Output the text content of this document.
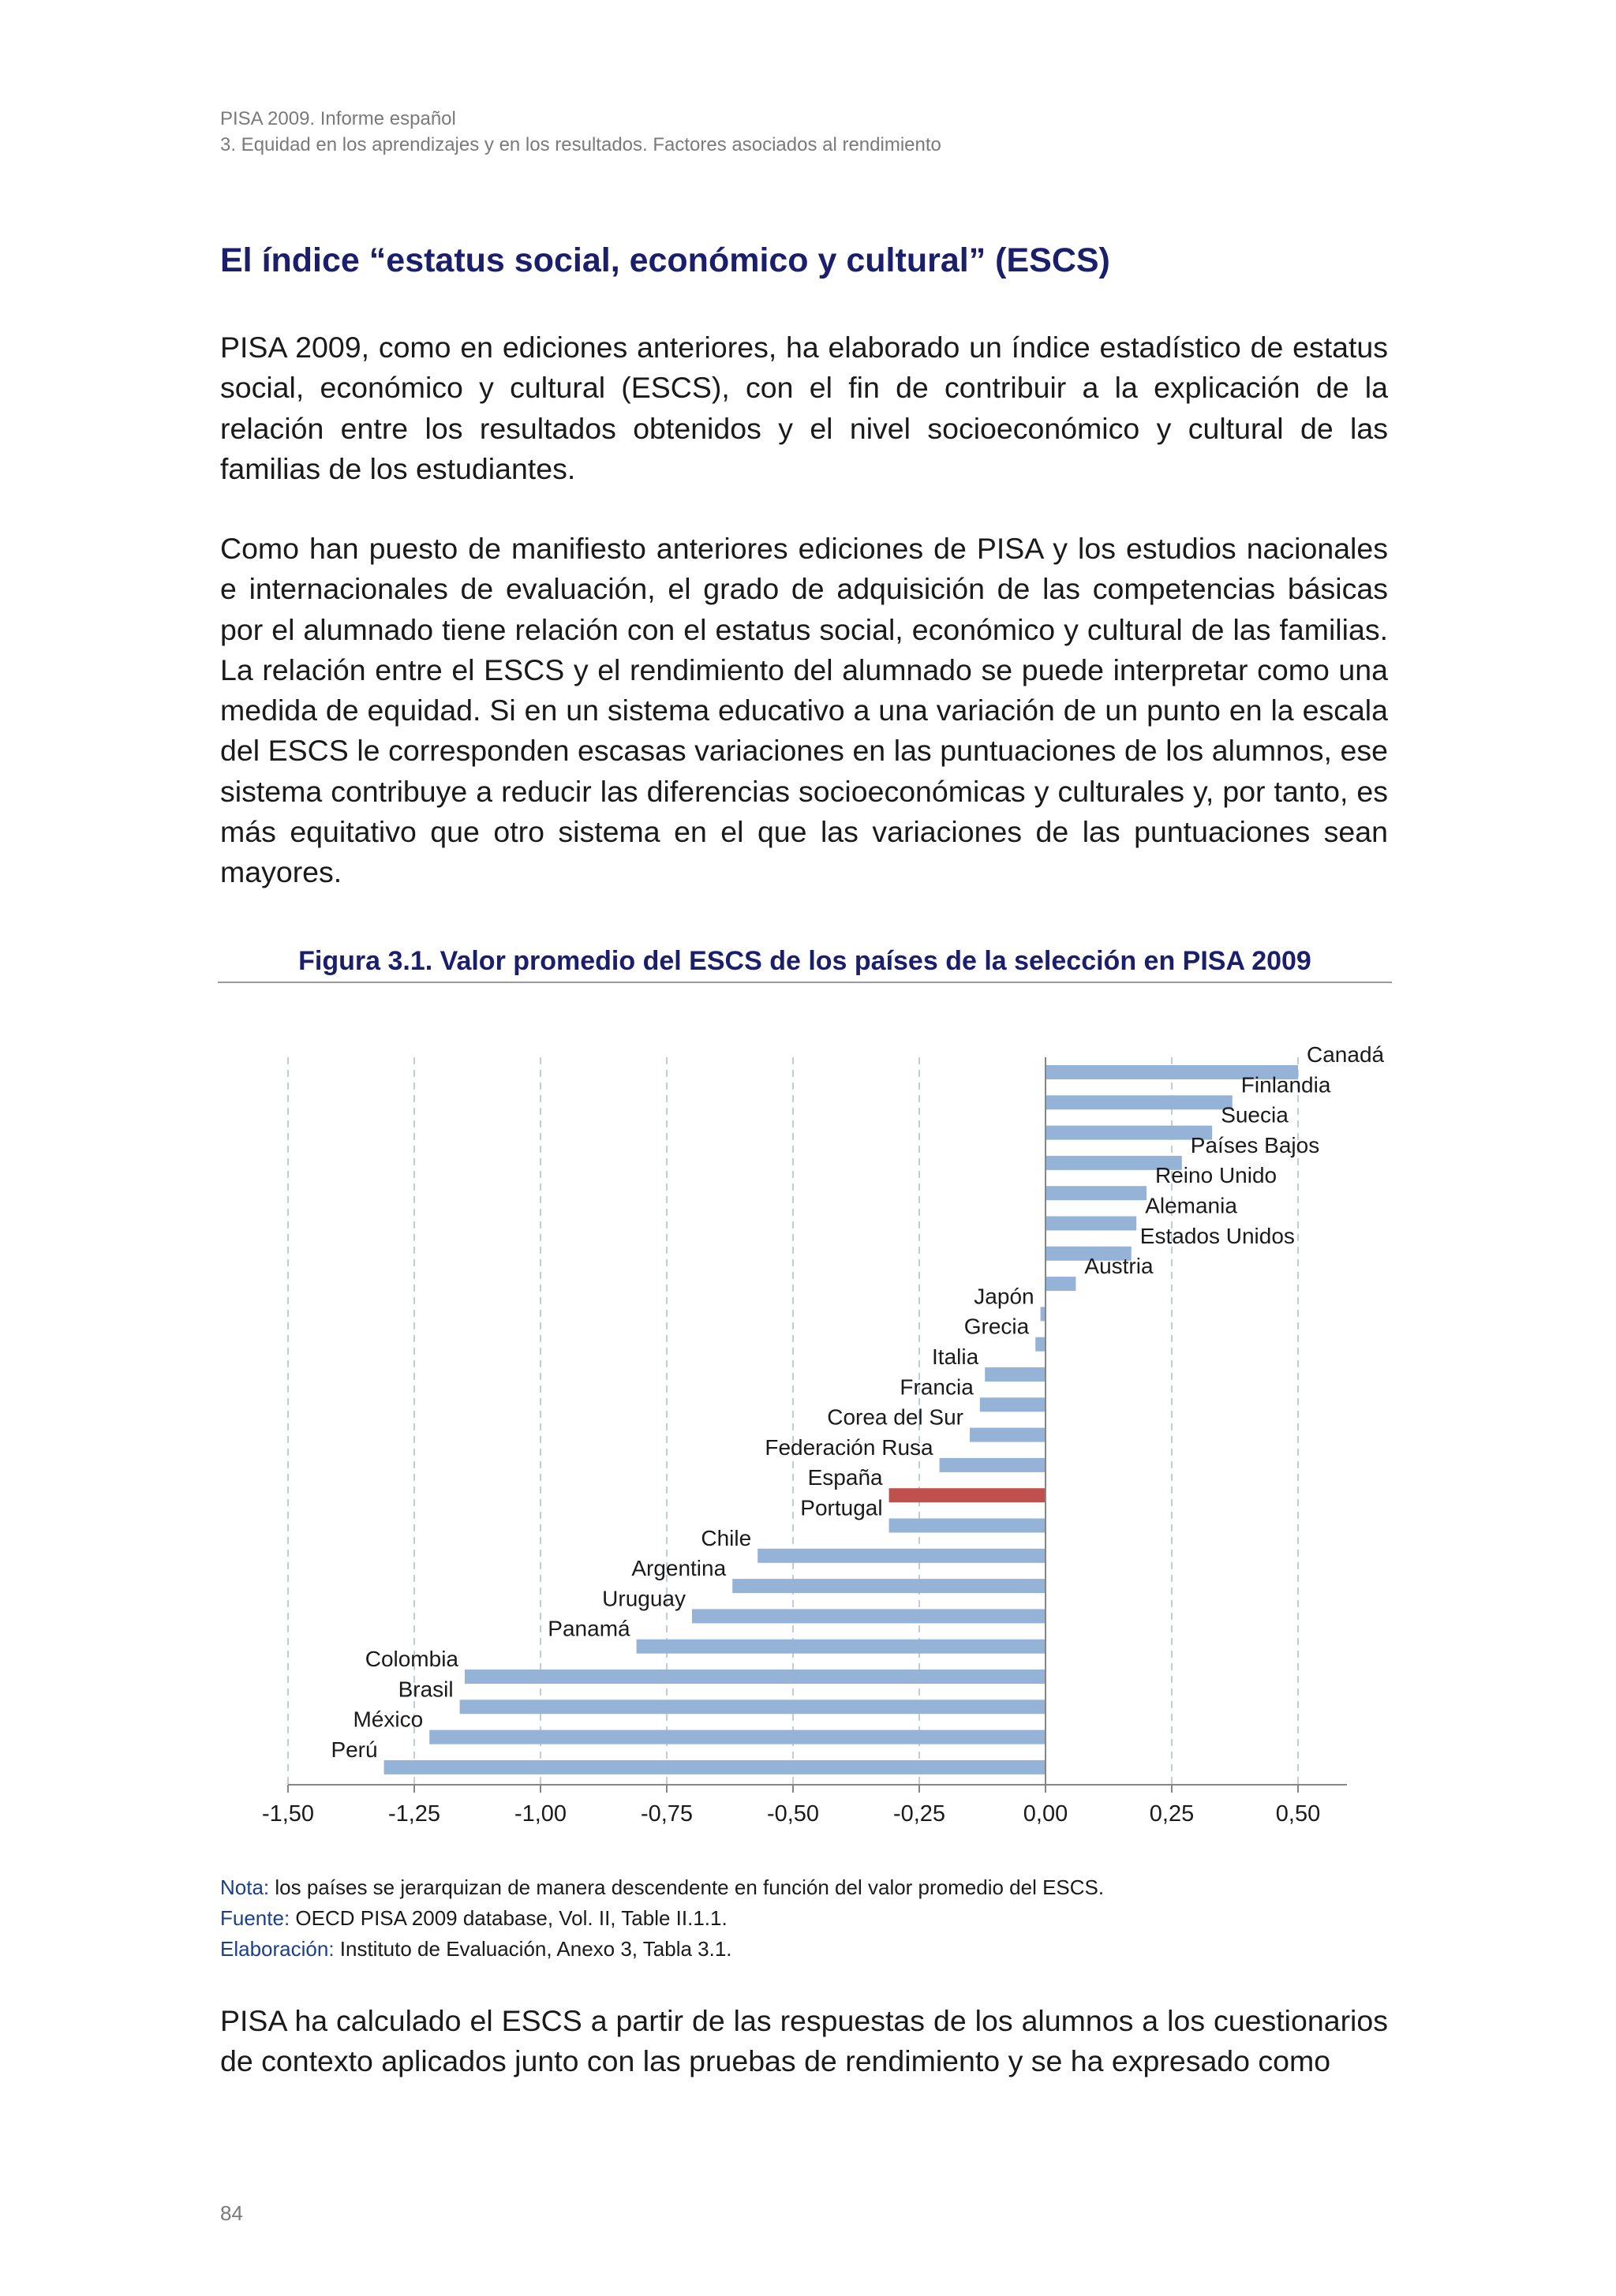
PISA 2009. Informe español
3. Equidad en los aprendizajes y en los resultados. Factores asociados al rendimiento
El índice “estatus social, económico y cultural” (ESCS)

PISA 2009, como en ediciones anteriores, ha elaborado un índice estadístico de estatus social, económico y cultural (ESCS), con el fin de contribuir a la explicación de la relación entre los resultados obtenidos y el nivel socioeconómico y cultural de las familias de los estudiantes.

Como han puesto de manifiesto anteriores ediciones de PISA y los estudios nacionales e internacionales de evaluación, el grado de adquisición de las competencias básicas por el alumnado tiene relación con el estatus social, económico y cultural de las familias. La relación entre el ESCS y el rendimiento del alumnado se puede interpretar como una medida de equidad. Si en un sistema educativo a una variación de un punto en la escala del ESCS le corresponden escasas variaciones en las puntuaciones de los alumnos, ese sistema contribuye a reducir las diferencias socioeconómicas y culturales y, por tanto, es más equitativo que otro sistema en el que las variaciones de las puntuaciones sean mayores.

Figura 3.1. Valor promedio del ESCS de los países de la selección en PISA 2009
Canadá
Finlandia
Suecia
Países Bajos
Reino Unido
Alemania
Estados Unidos
Austria
Japón
Grecia
Italia
Francia
Corea del Sur
Federación Rusa
España
Portugal
Chile
Argentina
Uruguay
Panamá
Colombia
Brasil
México
Perú
-1,50	-1,25	-1,00	-0,75	-0,50	-0,25	0,00	0,25	0,50
Nota: los países se jerarquizan de manera descendente en función del valor promedio del ESCS.
Fuente: OECD PISA 2009 database, Vol. II, Table II.1.1.
Elaboración: Instituto de Evaluación, Anexo 3, Tabla 3.1.

PISA ha calculado el ESCS a partir de las respuestas de los alumnos a los cuestionarios de contexto aplicados junto con las pruebas de rendimiento y se ha expresado como

84
